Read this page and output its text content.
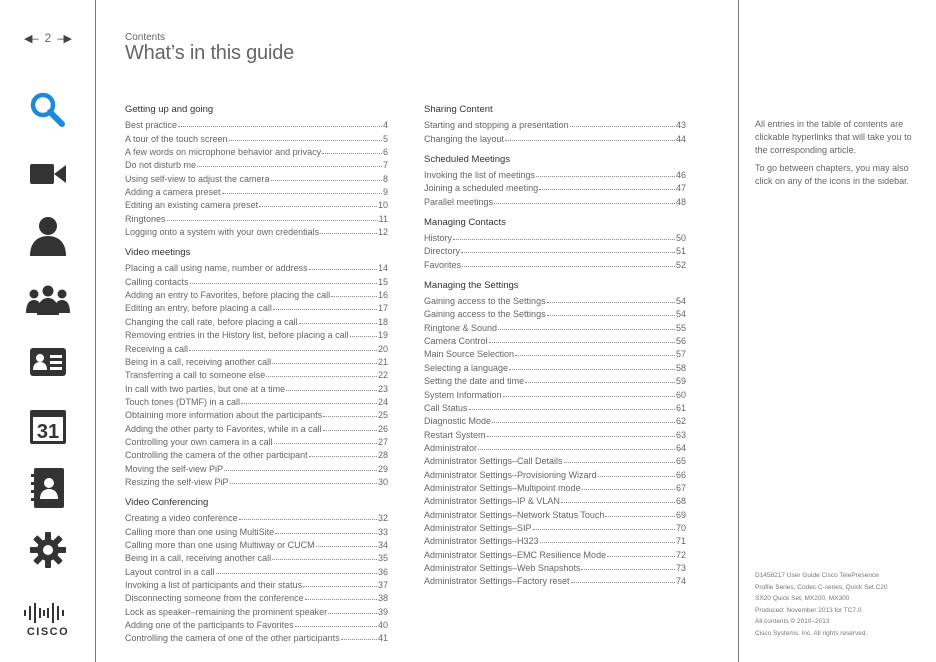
◀– 2 –▶
31
CISCO
Contents
What’s in this guide
Getting up and going
Best practice	4
A tour of the touch screen	5
A few words on microphone behavior and privacy	6
Do not disturb me	7
Using self-view to adjust the camera	8
Adding a camera preset	9
Editing an existing camera preset	10
Ringtones	11
Logging onto a system with your own credentials	12
Video meetings
Placing a call using name, number or address	14
Calling contacts	15
Adding an entry to Favorites, before placing the call	16
Editing an entry, before placing a call	17
Changing the call rate, before placing a call	18
Removing entries in the History list, before placing a call	19
Receiving a call	20
Being in a call, receiving another call	21
Transferring a call to someone else	22
In call with two parties, but one at a time	23
Touch tones (DTMF) in a call	24
Obtaining more information about the participants	25
Adding the other party to Favorites, while in a call	26
Controlling your own camera in a call	27
Controlling the camera of the other participant	28
Moving the self-view PiP	29
Resizing the self-view PiP	30
Video Conferencing
Creating a video conference	32
Calling more than one using MultiSite	33
Calling more than one using Multiway or CUCM	34
Being in a call, receiving another call	35
Layout control in a call	36
Invoking a list of participants and their status	37
Disconnecting someone from the conference	38
Lock as speaker–remaining the prominent speaker	39
Adding one of the participants to Favorites	40
Controlling the camera of one of the other participants	41
Sharing Content
Starting and stopping a presentation	43
Changing the layout	44
Scheduled Meetings
Invoking the list of meetings	46
Joining a scheduled meeting	47
Parallel meetings	48
Managing Contacts
History	50
Directory	51
Favorites	52
Managing the Settings
Gaining access to the Settings	54
Gaining access to the Settings	54
Ringtone & Sound	55
Camera Control	56
Main Source Selection	57
Selecting a language	58
Setting the date and time	59
System Information	60
Call Status	61
Diagnostic Mode	62
Restart System	63
Administrator	64
Administrator Settings–Call Details	65
Administrator Settings–Provisioning Wizard	66
Administrator Settings–Multipoint mode	67
Administrator Settings–IP & VLAN	68
Administrator Settings–Network Status Touch	69
Administrator Settings–SIP	70
Administrator Settings–H323	71
Administrator Settings–EMC Resilience Mode	72
Administrator Settings–Web Snapshots	73
Administrator Settings–Factory reset	74

All entries in the table of contents are clickable hyperlinks that will take you to the corresponding article.

To go between chapters, you may also click on any of the icons in the sidebar.

D1458217 User Guide Cisco TelePresence
Profile Series, Codec C-series, Quick Set C20
SX20 Quick Set, MX200, MX300
Produced: November 2013 for TC7.0
All contents © 2010–2013
Cisco Systems, Inc. All rights reserved.
